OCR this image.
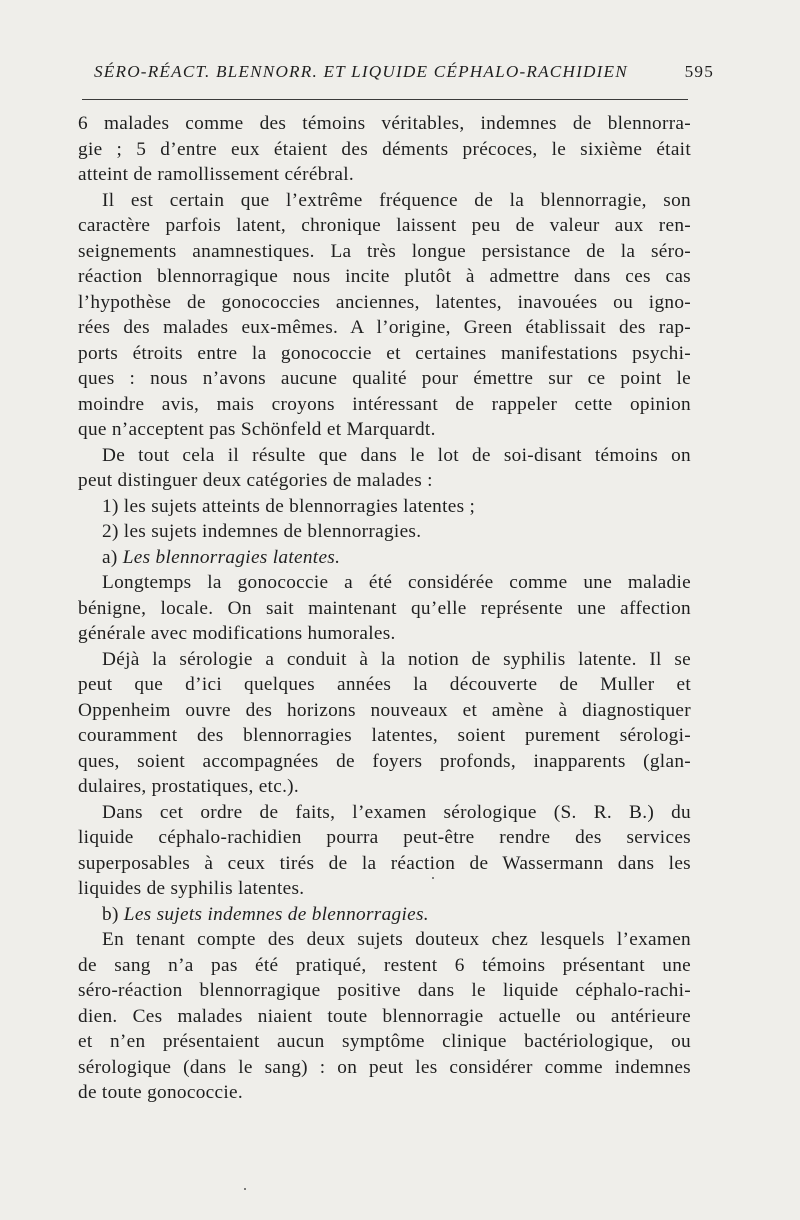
SÉRO-RÉACT. BLENNORR. ET LIQUIDE CÉPHALO-RACHIDIEN	595
6 malades comme des témoins véritables, indemnes de blennorra-
gie ; 5 d’entre eux étaient des déments précoces, le sixième était
atteint de ramollissement cérébral.
Il est certain que l’extrême fréquence de la blennorragie, son
caractère parfois latent, chronique laissent peu de valeur aux ren-
seignements anamnestiques. La très longue persistance de la séro-
réaction blennorragique nous incite plutôt à admettre dans ces cas
l’hypothèse de gonococcies anciennes, latentes, inavouées ou igno-
rées des malades eux-mêmes. A l’origine, Green établissait des rap-
ports étroits entre la gonococcie et certaines manifestations psychi-
ques : nous n’avons aucune qualité pour émettre sur ce point le
moindre avis, mais croyons intéressant de rappeler cette opinion
que n’acceptent pas Schönfeld et Marquardt.
De tout cela il résulte que dans le lot de soi-disant témoins on
peut distinguer deux catégories de malades :
1) les sujets atteints de blennorragies latentes ;
2) les sujets indemnes de blennorragies.
a) Les blennorragies latentes.
Longtemps la gonococcie a été considérée comme une maladie
bénigne, locale. On sait maintenant qu’elle représente une affection
générale avec modifications humorales.
Déjà la sérologie a conduit à la notion de syphilis latente. Il se
peut que d’ici quelques années la découverte de Muller et
Oppenheim ouvre des horizons nouveaux et amène à diagnostiquer
couramment des blennorragies latentes, soient purement sérologi-
ques, soient accompagnées de foyers profonds, inapparents (glan-
dulaires, prostatiques, etc.).
Dans cet ordre de faits, l’examen sérologique (S. R. B.) du
liquide céphalo-rachidien pourra peut-être rendre des services
superposables à ceux tirés de la réaction de Wassermann dans les
liquides de syphilis latentes.
b) Les sujets indemnes de blennorragies.
En tenant compte des deux sujets douteux chez lesquels l’examen
de sang n’a pas été pratiqué, restent 6 témoins présentant une
séro-réaction blennorragique positive dans le liquide céphalo-rachi-
dien. Ces malades niaient toute blennorragie actuelle ou antérieure
et n’en présentaient aucun symptôme clinique bactériologique, ou
sérologique (dans le sang) : on peut les considérer comme indemnes
de toute gonococcie.
